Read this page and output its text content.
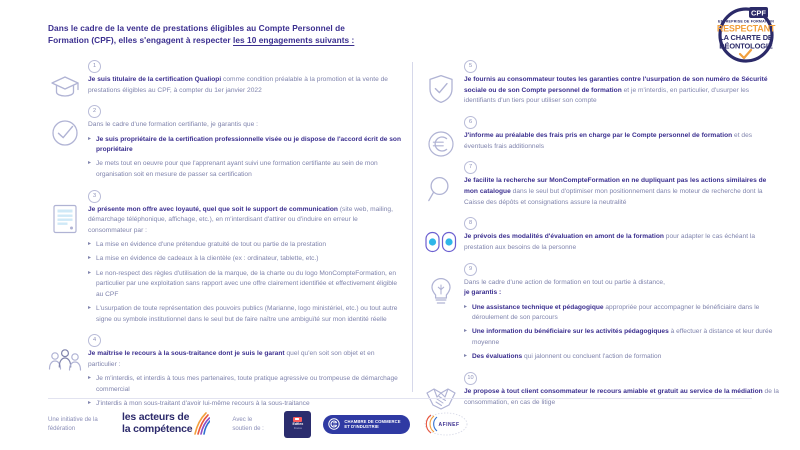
Dans le cadre de la vente de prestations éligibles au Compte Personnel de
Formation (CPF), elles s'engagent à respecter les 10 engagements suivants :
CPF
ENTREPRISE DE FORMATION
RESPECTANT
LA CHARTE DE
DÉONTOLOGIE
1
Je suis titulaire de la certification Qualiopi comme condition préalable à la promotion et la vente de prestations éligibles au CPF, à compter du 1er janvier 2022
2
Dans le cadre d'une formation certifiante, je garantis que :
▸ Je suis propriétaire de la certification professionnelle visée ou je dispose de l'accord écrit de son propriétaire
▸ Je mets tout en oeuvre pour que l'apprenant ayant suivi une formation certifiante au sein de mon organisation soit en mesure de passer sa certification
3
Je présente mon offre avec loyauté, quel que soit le support de communication (site web, mailing, démarchage téléphonique, affichage, etc.), en m'interdisant d'attirer ou d'induire en erreur le consommateur par :
▸ La mise en évidence d'une prétendue gratuité de tout ou partie de la prestation
▸ La mise en évidence de cadeaux à la clientèle (ex : ordinateur, tablette, etc.)
▸ Le non-respect des règles d'utilisation de la marque, de la charte ou du logo MonCompteFormation, en particulier par une exploitation sans rapport avec une offre clairement identifiée et effectivement éligible au CPF
▸ L'usurpation de toute représentation des pouvoirs publics (Marianne, logo ministériel, etc.) ou tout autre signe ou symbole institutionnel dans le seul but de faire naître une ambiguïté sur mon identité réelle
4
Je maîtrise le recours à la sous-traitance dont je suis le garant quel qu'en soit son objet et en particulier :
▸ Je m'interdis, et interdis à tous mes partenaires, toute pratique agressive ou trompeuse de démarchage commercial
▸ J'interdis à mon sous-traitant d'avoir lui-même recours à la sous-traitance
5
Je fournis au consommateur toutes les garanties contre l'usurpation de son numéro de Sécurité sociale ou de son Compte personnel de formation et je m'interdis, en particulier, d'usurper les identifiants d'un tiers pour utiliser son compte
6
J'informe au préalable des frais pris en charge par le Compte personnel de formation et des éventuels frais additionnels
7
Je facilite la recherche sur MonCompteFormation en ne dupliquant pas les actions similaires de mon catalogue dans le seul but d'optimiser mon positionnement dans le moteur de recherche dont la Caisse des dépôts et consignations assure la neutralité
8
Je prévois des modalités d'évaluation en amont de la formation pour adapter le cas échéant la prestation aux besoins de la personne
9
Dans le cadre d'une action de formation en tout ou partie à distance,
je garantis :
▸ Une assistance technique et pédagogique appropriée pour accompagner le bénéficiaire dans le déroulement de son parcours
▸ Une information du bénéficiaire sur les activités pédagogiques à effectuer à distance et leur durée moyenne
▸ Des évaluations qui jalonnent ou concluent l'action de formation
10
Je propose à tout client consommateur le recours amiable et gratuit au service de la médiation de la consommation, en cas de litige
Une initiative de la fédération
les acteurs de
la compétence
Avec le soutien de :
Edflex
France
CHAMBRE DE COMMERCE
ET D'INDUSTRIE	AFINEF
